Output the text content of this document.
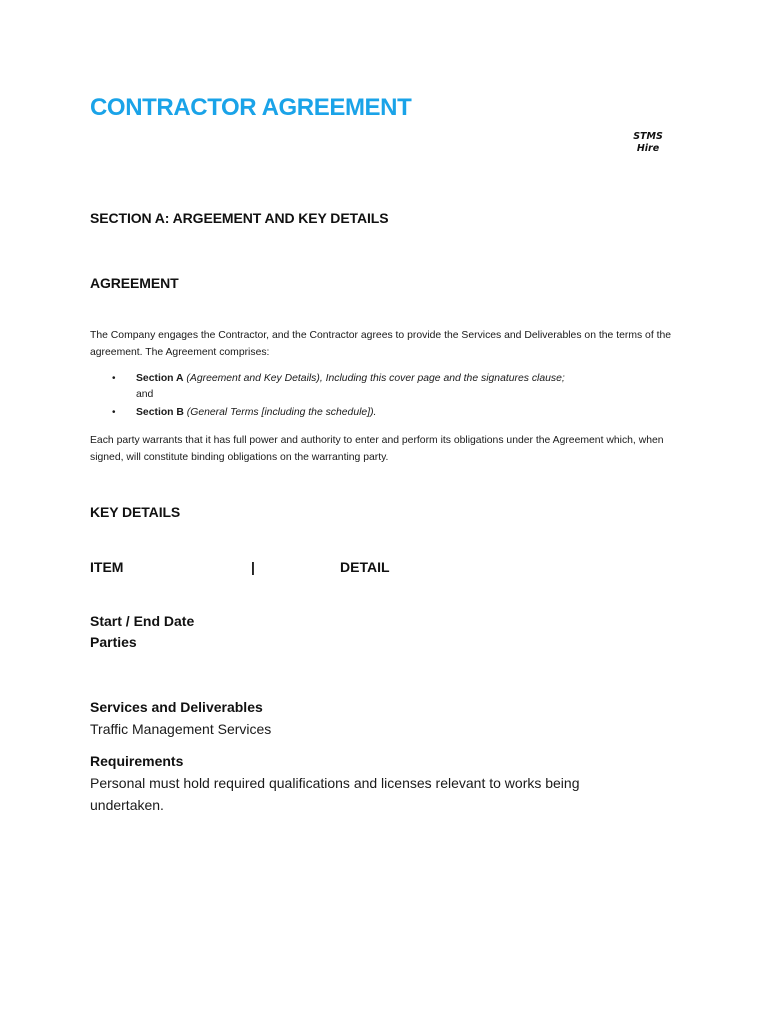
CONTRACTOR AGREEMENT
STMS
Hire
SECTION A: ARGEEMENT AND KEY DETAILS
AGREEMENT
The Company engages the Contractor, and the Contractor agrees to provide the Services and Deliverables on the terms of the agreement. The Agreement comprises:
• Section A (Agreement and Key Details), Including this cover page and the signatures clause;
and
• Section B (General Terms [including the schedule]).
Each party warrants that it has full power and authority to enter and perform its obligations under the Agreement which, when signed, will constitute binding obligations on the warranting party.
KEY DETAILS
ITEM	|	DETAIL
Start / End Date
Parties
Services and Deliverables
Traffic Management Services
Requirements
Personal must hold required qualifications and licenses relevant to works being undertaken.
